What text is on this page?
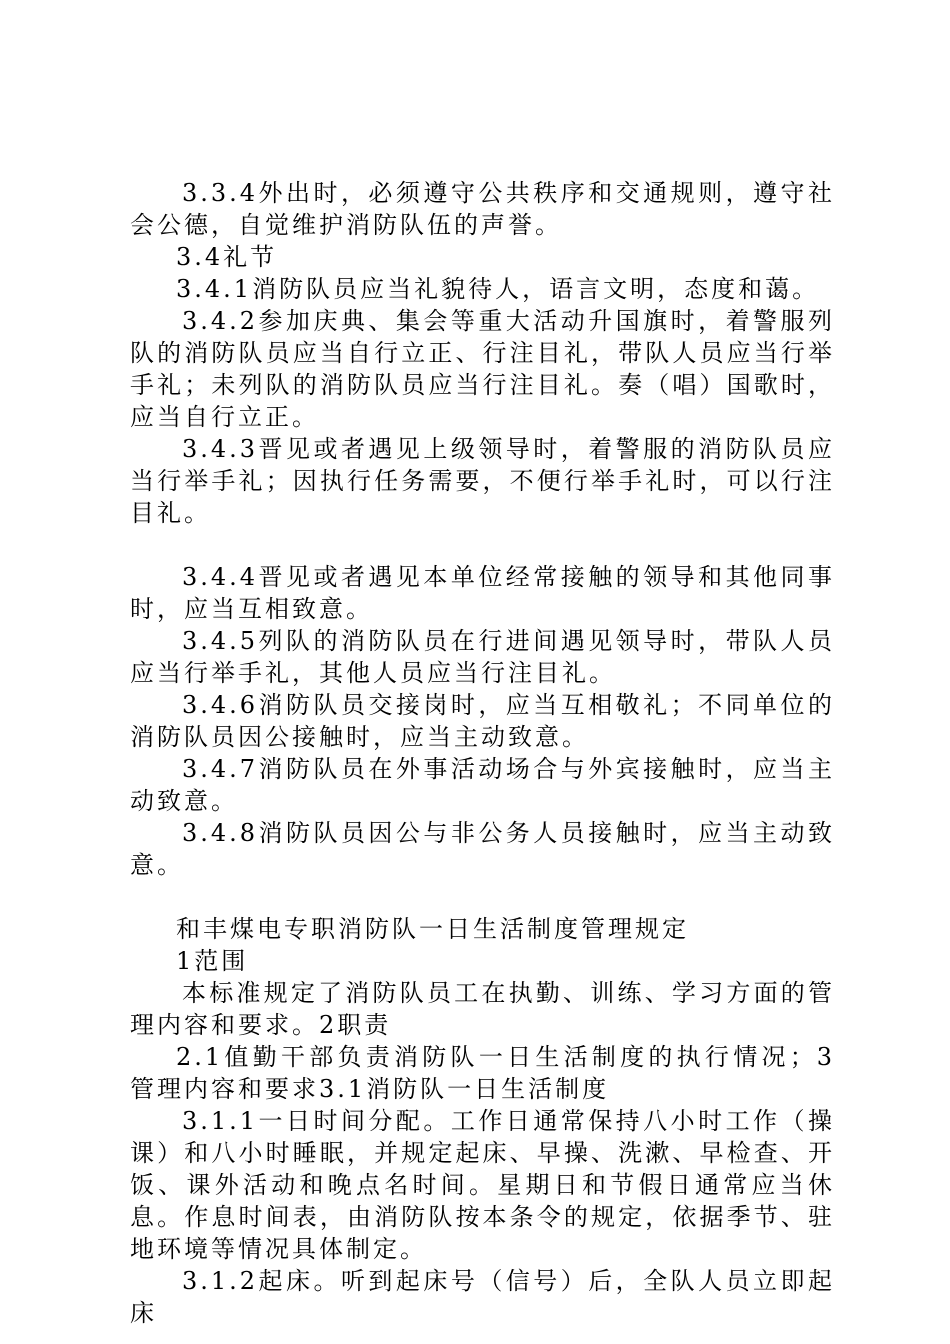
3.3.4外出时，必须遵守公共秩序和交通规则，遵守社会公德，自觉维护消防队伍的声誉。

3.4礼节

3.4.1消防队员应当礼貌待人，语言文明，态度和蔼。

3.4.2参加庆典、集会等重大活动升国旗时，着警服列队的消防队员应当自行立正、行注目礼，带队人员应当行举手礼；未列队的消防队员应当行注目礼。奏（唱）国歌时，应当自行立正。

3.4.3晋见或者遇见上级领导时，着警服的消防队员应当行举手礼；因执行任务需要，不便行举手礼时，可以行注目礼。

3.4.4晋见或者遇见本单位经常接触的领导和其他同事时，应当互相致意。

3.4.5列队的消防队员在行进间遇见领导时，带队人员应当行举手礼，其他人员应当行注目礼。

3.4.6消防队员交接岗时，应当互相敬礼；不同单位的消防队员因公接触时，应当主动致意。

3.4.7消防队员在外事活动场合与外宾接触时，应当主动致意。

3.4.8消防队员因公与非公务人员接触时，应当主动致意。

和丰煤电专职消防队一日生活制度管理规定

1范围

本标准规定了消防队员工在执勤、训练、学习方面的管理内容和要求。2职责

2.1值勤干部负责消防队一日生活制度的执行情况；3管理内容和要求3.1消防队一日生活制度

3.1.1一日时间分配。工作日通常保持八小时工作（操课）和八小时睡眠，并规定起床、早操、洗漱、早检查、开饭、课外活动和晚点名时间。星期日和节假日通常应当休息。作息时间表，由消防队按本条令的规定，依据季节、驻地环境等情况具体制定。

3.1.2起床。听到起床号（信号）后，全队人员立即起床
